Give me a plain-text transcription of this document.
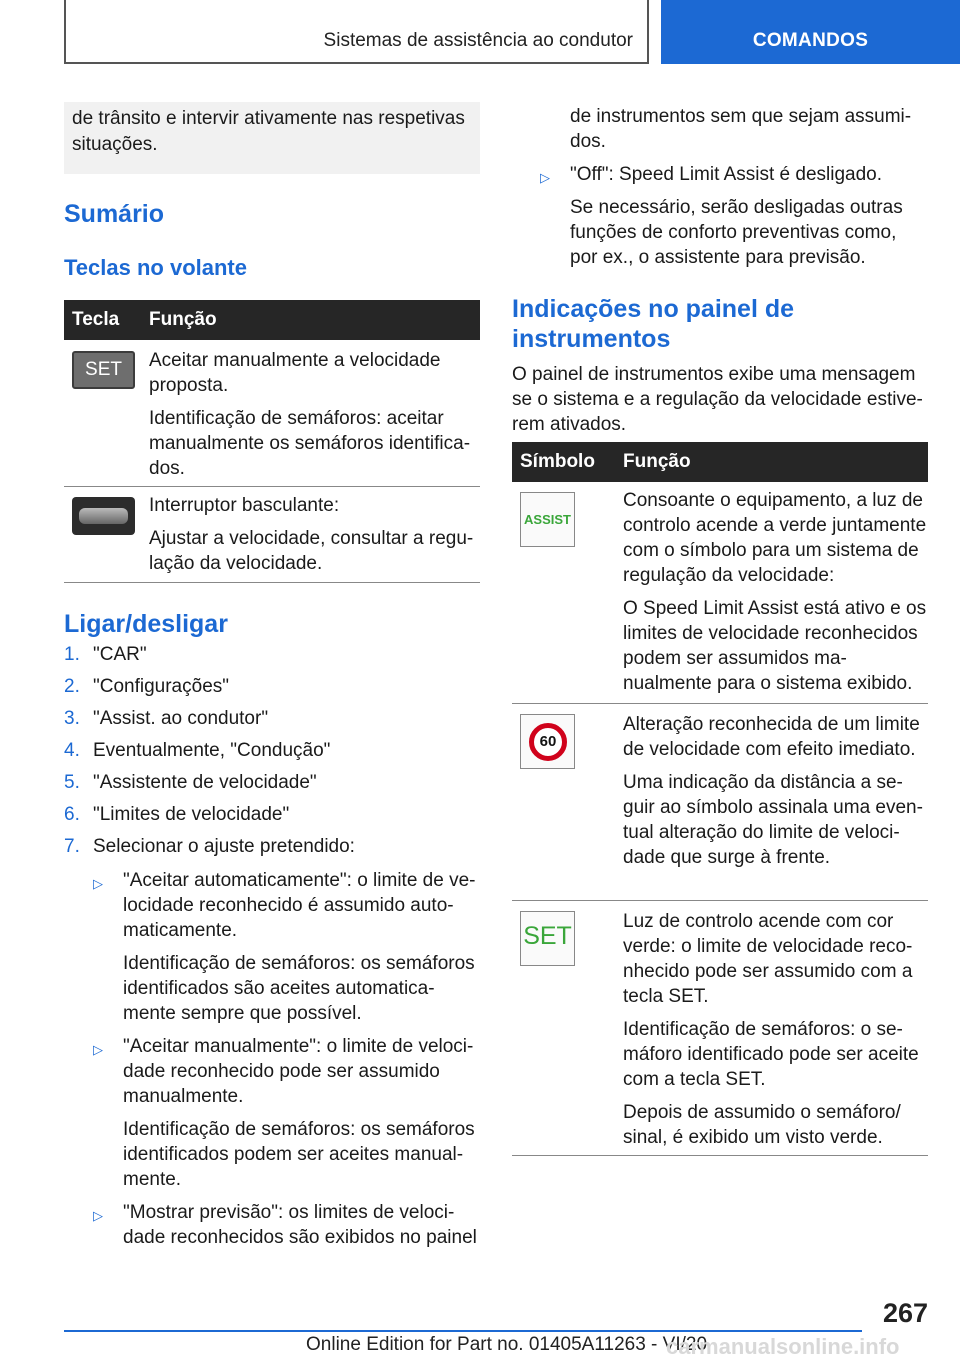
Sistemas de assistência ao condutor	COMANDOS
de trânsito e intervir ativamente nas respetivas situações.
Sumário
Teclas no volante
Tecla Função
SET	Aceitar manualmente a velocidade proposta.

Identificação de semáforos: aceitar manualmente os semáforos identificados.

Interruptor basculante:

Ajustar a velocidade, consultar a regulação da velocidade.

Ligar/desligar
1. "CAR"
2. "Configurações"
3. "Assist. ao condutor"
4. Eventualmente, "Condução"
5. "Assistente de velocidade"
6. "Limites de velocidade"
7. Selecionar o ajuste pretendido:
▷ "Aceitar automaticamente": o limite de velocidade reconhecido é assumido automaticamente.

Identificação de semáforos: os semáforos identificados são aceites automaticamente sempre que possível.

▷ "Aceitar manualmente": o limite de velocidade reconhecido pode ser assumido manualmente.

Identificação de semáforos: os semáforos identificados podem ser aceites manualmente.

▷ "Mostrar previsão": os limites de velocidade reconhecidos são exibidos no painel

de instrumentos sem que sejam assumidos.

▷ "Off": Speed Limit Assist é desligado.

Se necessário, serão desligadas outras funções de conforto preventivas como, por ex., o assistente para previsão.

Indicações no painel de instrumentos

O painel de instrumentos exibe uma mensagem se o sistema e a regulação da velocidade estiverem ativados.

Símbolo Função
ASSIST

Consoante o equipamento, a luz de controlo acende a verde juntamente com o símbolo para um sistema de regulação da velocidade:

O Speed Limit Assist está ativo e os limites de velocidade reconhecidos podem ser assumidos manualmente para o sistema exibido.

60

Alteração reconhecida de um limite de velocidade com efeito imediato.

Uma indicação da distância a seguir ao símbolo assinala uma eventual alteração do limite de velocidade que surge à frente.

SET

Luz de controlo acende com cor verde: o limite de velocidade reconhecido pode ser assumido com a tecla SET.

Identificação de semáforos: o semáforo identificado pode ser aceite com a tecla SET.

Depois de assumido o semáforo/ sinal, é exibido um visto verde.

267
Online Edition for Part no. 01405A11263 - VI/20
carmanualsonline.info
